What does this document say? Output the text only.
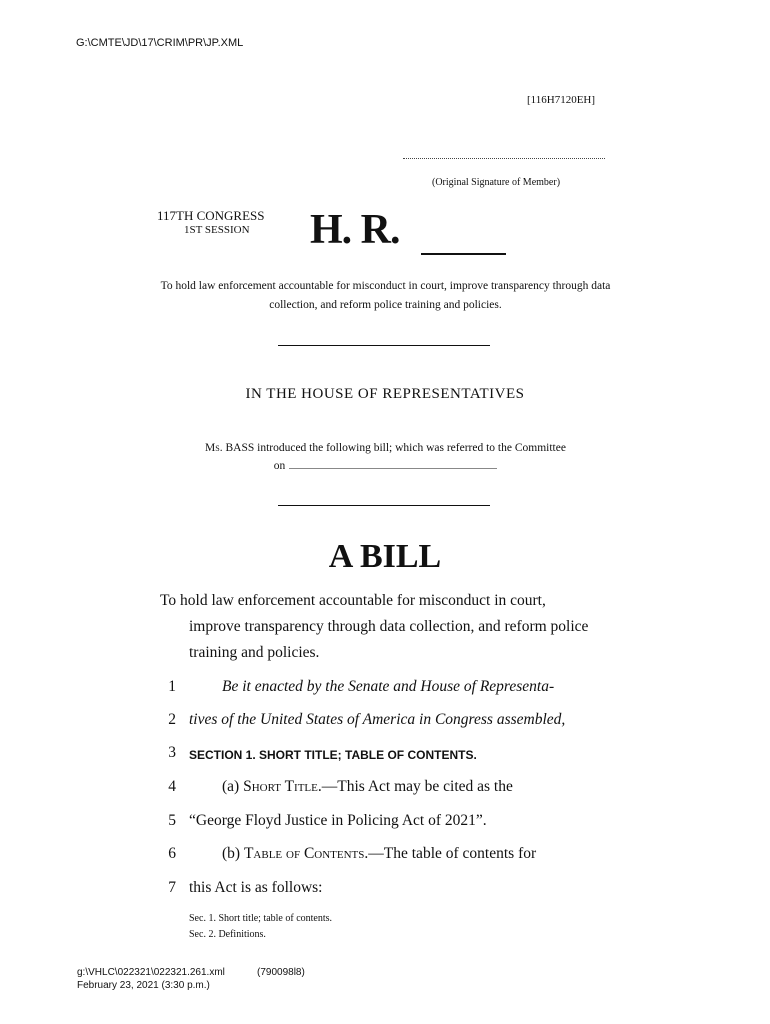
G:\CMTE\JD\17\CRIM\PR\JP.XML
[116H7120EH]
(Original Signature of Member)
117TH CONGRESS
1ST SESSION	H. R.
To hold law enforcement accountable for misconduct in court, improve transparency through data collection, and reform police training and policies.
IN THE HOUSE OF REPRESENTATIVES
Ms. BASS introduced the following bill; which was referred to the Committee
on
A BILL
To hold law enforcement accountable for misconduct in court,
improve transparency through data collection, and reform police training and policies.
1	Be it enacted by the Senate and House of Representa-
2 tives of the United States of America in Congress assembled,
3 SECTION 1. SHORT TITLE; TABLE OF CONTENTS.
4	(a) Short Title.—This Act may be cited as the
5 “George Floyd Justice in Policing Act of 2021”.
6	(b) Table of Contents.—The table of contents for
7 this Act is as follows:
Sec. 1. Short title; table of contents.
Sec. 2. Definitions.
g:\VHLC\022321\022321.261.xml
February 23, 2021 (3:30 p.m.)
(790098l8)
